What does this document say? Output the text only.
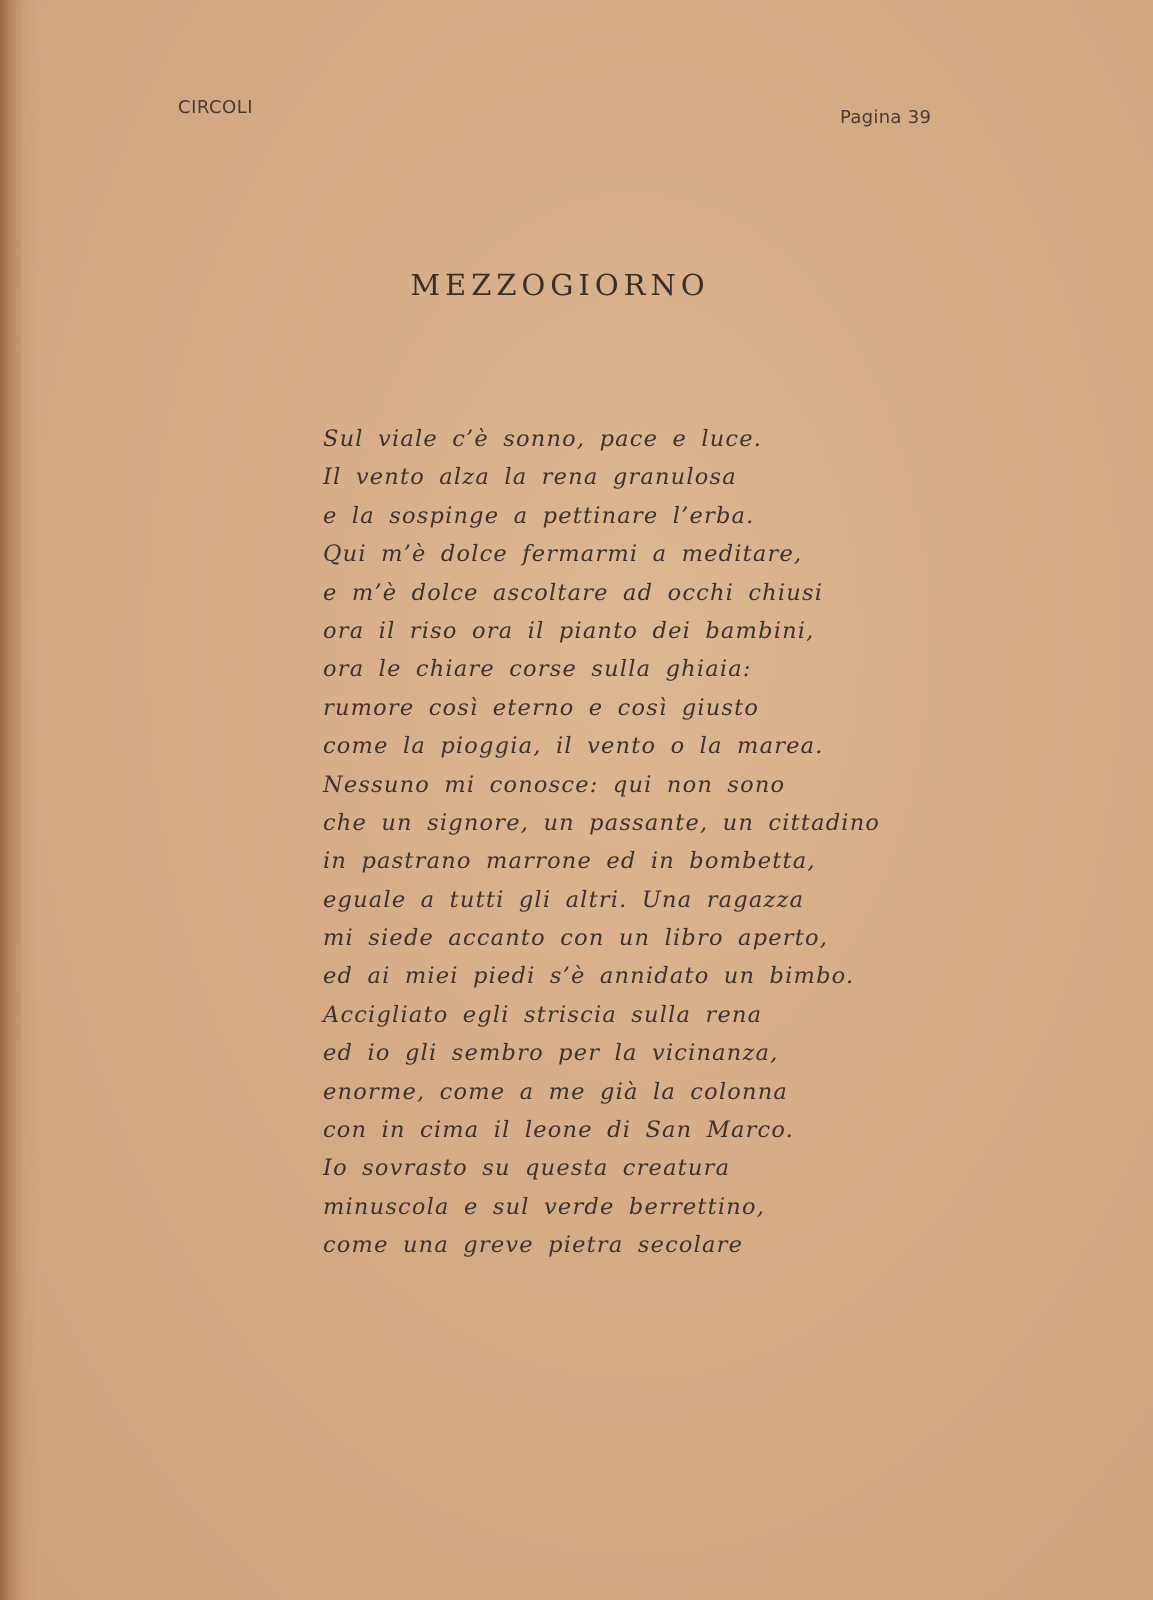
CIRCOLI	Pagina 39
MEZZOGIORNO
Sul viale c’è sonno, pace e luce.
Il vento alza la rena granulosa
e la sospinge a pettinare l’erba.
Qui m’è dolce fermarmi a meditare,
e m’è dolce ascoltare ad occhi chiusi
ora il riso ora il pianto dei bambini,
ora le chiare corse sulla ghiaia:
rumore così eterno e così giusto
come la pioggia, il vento o la marea.
Nessuno mi conosce: qui non sono
che un signore, un passante, un cittadino
in pastrano marrone ed in bombetta,
eguale a tutti gli altri. Una ragazza
mi siede accanto con un libro aperto,
ed ai miei piedi s’è annidato un bimbo.
Accigliato egli striscia sulla rena
ed io gli sembro per la vicinanza,
enorme, come a me già la colonna
con in cima il leone di San Marco.
Io sovrasto su questa creatura
minuscola e sul verde berrettino,
come una greve pietra secolare
